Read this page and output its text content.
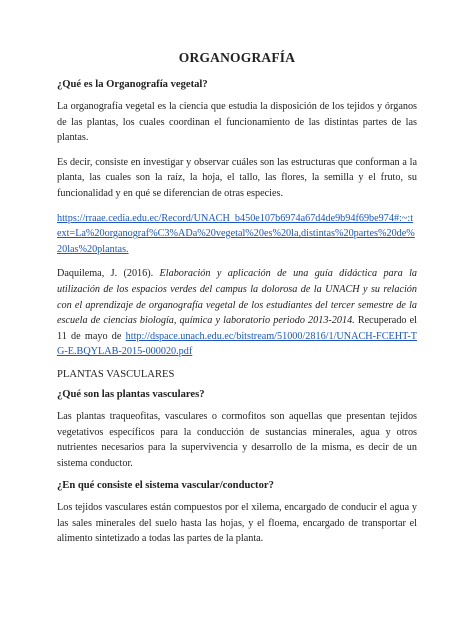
ORGANOGRAFÍA
¿Qué es la Organografía vegetal?
La organografía vegetal es la ciencia que estudia la disposición de los tejidos y órganos de las plantas, los cuales coordinan el funcionamiento de las distintas partes de las plantas.
Es decir, consiste en investigar y observar cuáles son las estructuras que conforman a la planta, las cuales son la raíz, la hoja, el tallo, las flores, la semilla y el fruto, su funcionalidad y en qué se diferencian de otras especies.
https://rraae.cedia.edu.ec/Record/UNACH_b450e107b6974a67d4de9b94f69be974#:~:text=La%20organograf%C3%ADa%20vegetal%20es%20la,distintas%20partes%20de%20las%20plantas.
Daquilema, J. (2016). Elaboración y aplicación de una guía didáctica para la utilización de los espacios verdes del campus la dolorosa de la UNACH y su relación con el aprendizaje de organografía vegetal de los estudiantes del tercer semestre de la escuela de ciencias biología, química y laboratorio periodo 2013-2014. Recuperado el 11 de mayo de http://dspace.unach.edu.ec/bitstream/51000/2816/1/UNACH-FCEHT-TG-E.BQYLAB-2015-000020.pdf
PLANTAS VASCULARES
¿Qué son las plantas vasculares?
Las plantas traqueofitas, vasculares o cormofitos son aquellas que presentan tejidos vegetativos específicos para la conducción de sustancias minerales, agua y otros nutrientes necesarios para la supervivencia y desarrollo de la misma, es decir de un sistema conductor.
¿En qué consiste el sistema vascular/conductor?
Los tejidos vasculares están compuestos por el xilema, encargado de conducir el agua y las sales minerales del suelo hasta las hojas, y el floema, encargado de transportar el alimento sintetizado a todas las partes de la planta.
